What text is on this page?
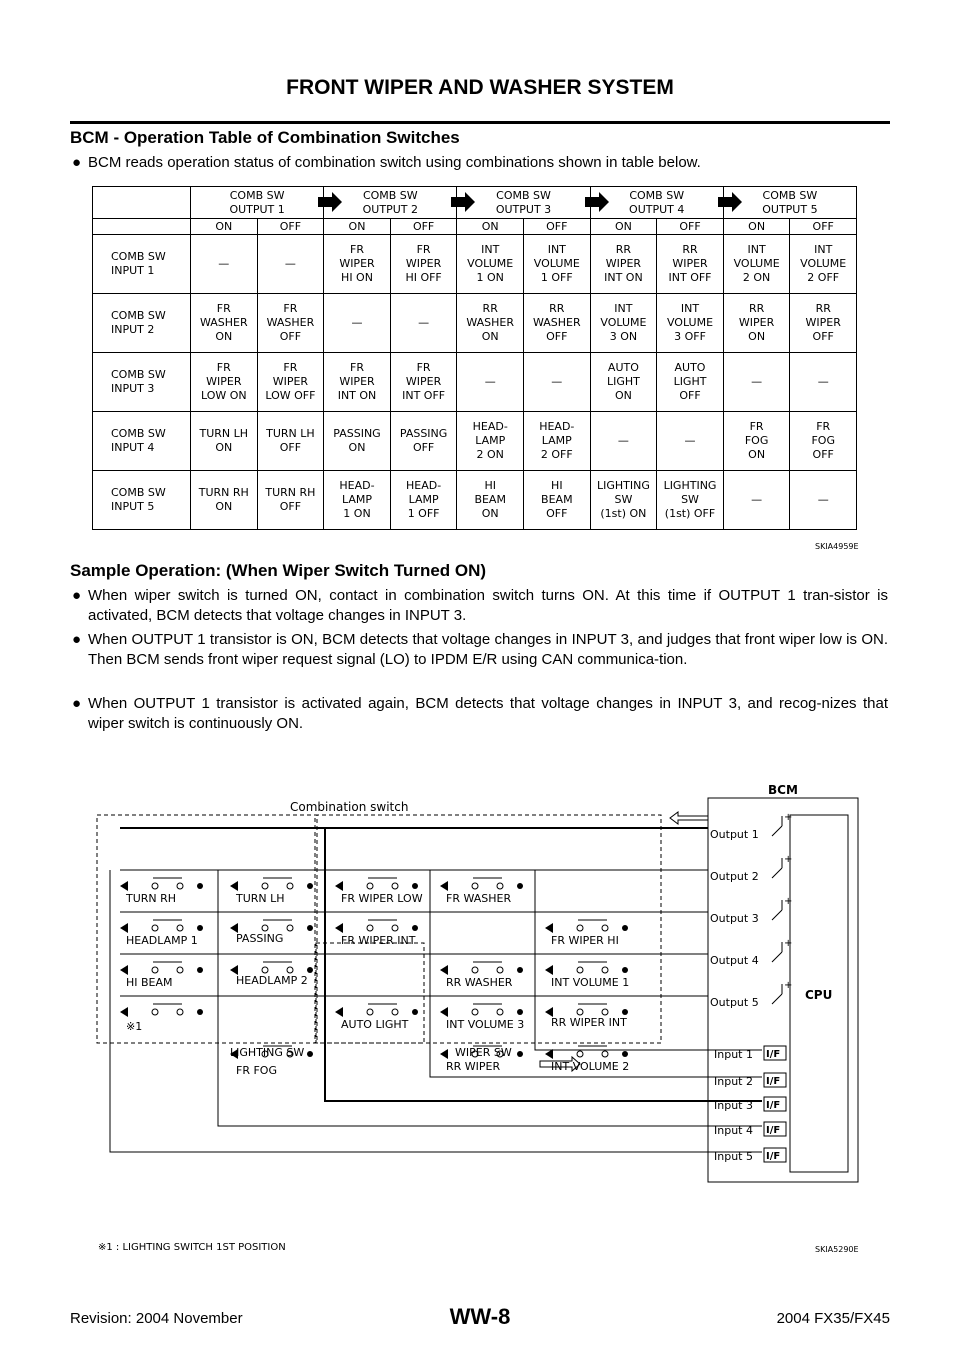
FRONT WIPER AND WASHER SYSTEM
BCM - Operation Table of Combination Switches
● BCM reads operation status of combination switch using combinations shown in table below.

	COMB SW
OUTPUT 1		COMB SW
OUTPUT 2		COMB SW
OUTPUT 3		COMB SW
OUTPUT 4		COMB SW
OUTPUT 5	

	ON	OFF	ON	OFF	ON	OFF	ON	OFF	ON	OFF
COMB SW
INPUT 1	—	—	FR
WIPER
HI ON	FR
WIPER
HI OFF	INT
VOLUME
1 ON	INT
VOLUME
1 OFF	RR
WIPER
INT ON	RR
WIPER
INT OFF	INT
VOLUME
2 ON	INT
VOLUME
2 OFF
COMB SW
INPUT 2	FR
WASHER
ON	FR
WASHER
OFF	—	—	RR
WASHER
ON	RR
WASHER
OFF	INT
VOLUME
3 ON	INT
VOLUME
3 OFF	RR
WIPER
ON	RR
WIPER
OFF
COMB SW
INPUT 3	FR
WIPER
LOW ON	FR
WIPER
LOW OFF	FR
WIPER
INT ON	FR
WIPER
INT OFF	—	—	AUTO
LIGHT
ON	AUTO
LIGHT
OFF	—	—
COMB SW
INPUT 4	TURN LH
ON	TURN LH
OFF	PASSING
ON	PASSING
OFF	HEAD-
LAMP
2 ON	HEAD-
LAMP
2 OFF	—	—	FR
FOG
ON	FR
FOG
OFF
COMB SW
INPUT 5	TURN RH
ON	TURN RH
OFF	HEAD-
LAMP
1 ON	HEAD-
LAMP
1 OFF	HI
BEAM
ON	HI
BEAM
OFF	LIGHTING
SW
(1st) ON	LIGHTING
SW
(1st) OFF	—	—
SKIA4959E
Sample Operation: (When Wiper Switch Turned ON)
● When wiper switch is turned ON, contact in combination switch turns ON. At this time if OUTPUT 1 tran-sistor is activated, BCM detects that voltage changes in INPUT 3.
● When OUTPUT 1 transistor is ON, BCM detects that voltage changes in INPUT 3, and judges that front wiper low is ON. Then BCM sends front wiper request signal (LO) to IPDM E/R using CAN communica-tion.
● When OUTPUT 1 transistor is activated again, BCM detects that voltage changes in INPUT 3, and recog-nizes that wiper switch is continuously ON.
BCM
CPU
Combination switch
Output 1
+
Output 2
+
Output 3
+
Output 4
+
Output 5
+
Input 1 I/F
Input 2 I/F
Input 3 I/F
Input 4 I/F
Input 5 I/F
TURN RH	TURN LH	FR WIPER LOW FR WASHER
HEADLAMP 1	PASSING	FR WIPER INT	FR WIPER HI
HI BEAM	HEADLAMP 2	RR WASHER	INT VOLUME 1
※1	AUTO LIGHT	INT VOLUME 3 RR WIPER INT
FR FOG	RR WIPER	INT VOLUME 2
LIGHTING SW	WIPER SW
※1 : LIGHTING SWITCH 1ST POSITION	SKIA5290E
Revision: 2004 November	WW-8	2004 FX35/FX45
